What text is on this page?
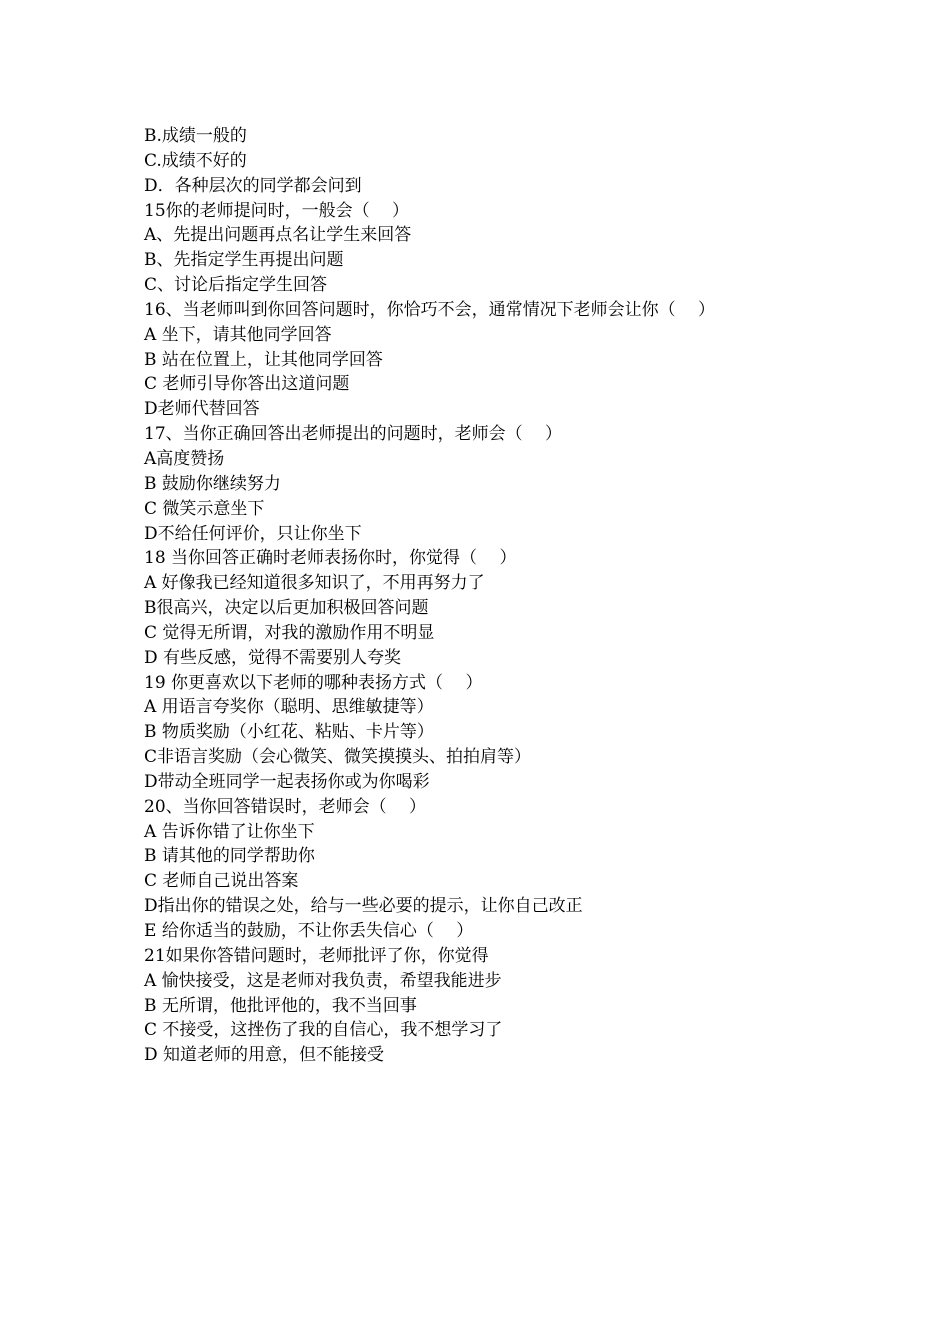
B.成绩一般的
C.成绩不好的
D．各种层次的同学都会问到
15你的老师提问时，一般会（　 ）
A、先提出问题再点名让学生来回答
B、先指定学生再提出问题
C、讨论后指定学生回答
16、当老师叫到你回答问题时，你恰巧不会，通常情况下老师会让你（　 ）
A 坐下，请其他同学回答
B 站在位置上，让其他同学回答
C 老师引导你答出这道问题
D老师代替回答
17、当你正确回答出老师提出的问题时，老师会（　 ）
A高度赞扬
B 鼓励你继续努力
C 微笑示意坐下
D不给任何评价，只让你坐下
18 当你回答正确时老师表扬你时，你觉得（　 ）
A 好像我已经知道很多知识了，不用再努力了
B很高兴，决定以后更加积极回答问题
C 觉得无所谓，对我的激励作用不明显
D 有些反感，觉得不需要别人夸奖
19 你更喜欢以下老师的哪种表扬方式（　 ）
A 用语言夸奖你（聪明、思维敏捷等）
B 物质奖励（小红花、粘贴、卡片等）
C非语言奖励（会心微笑、微笑摸摸头、拍拍肩等）
D带动全班同学一起表扬你或为你喝彩
20、当你回答错误时，老师会（　 ）
A 告诉你错了让你坐下
B 请其他的同学帮助你
C 老师自己说出答案
D指出你的错误之处，给与一些必要的提示，让你自己改正
E 给你适当的鼓励，不让你丢失信心（　 ）
21如果你答错问题时，老师批评了你，你觉得
A 愉快接受，这是老师对我负责，希望我能进步
B 无所谓，他批评他的，我不当回事
C 不接受，这挫伤了我的自信心，我不想学习了
D 知道老师的用意，但不能接受
